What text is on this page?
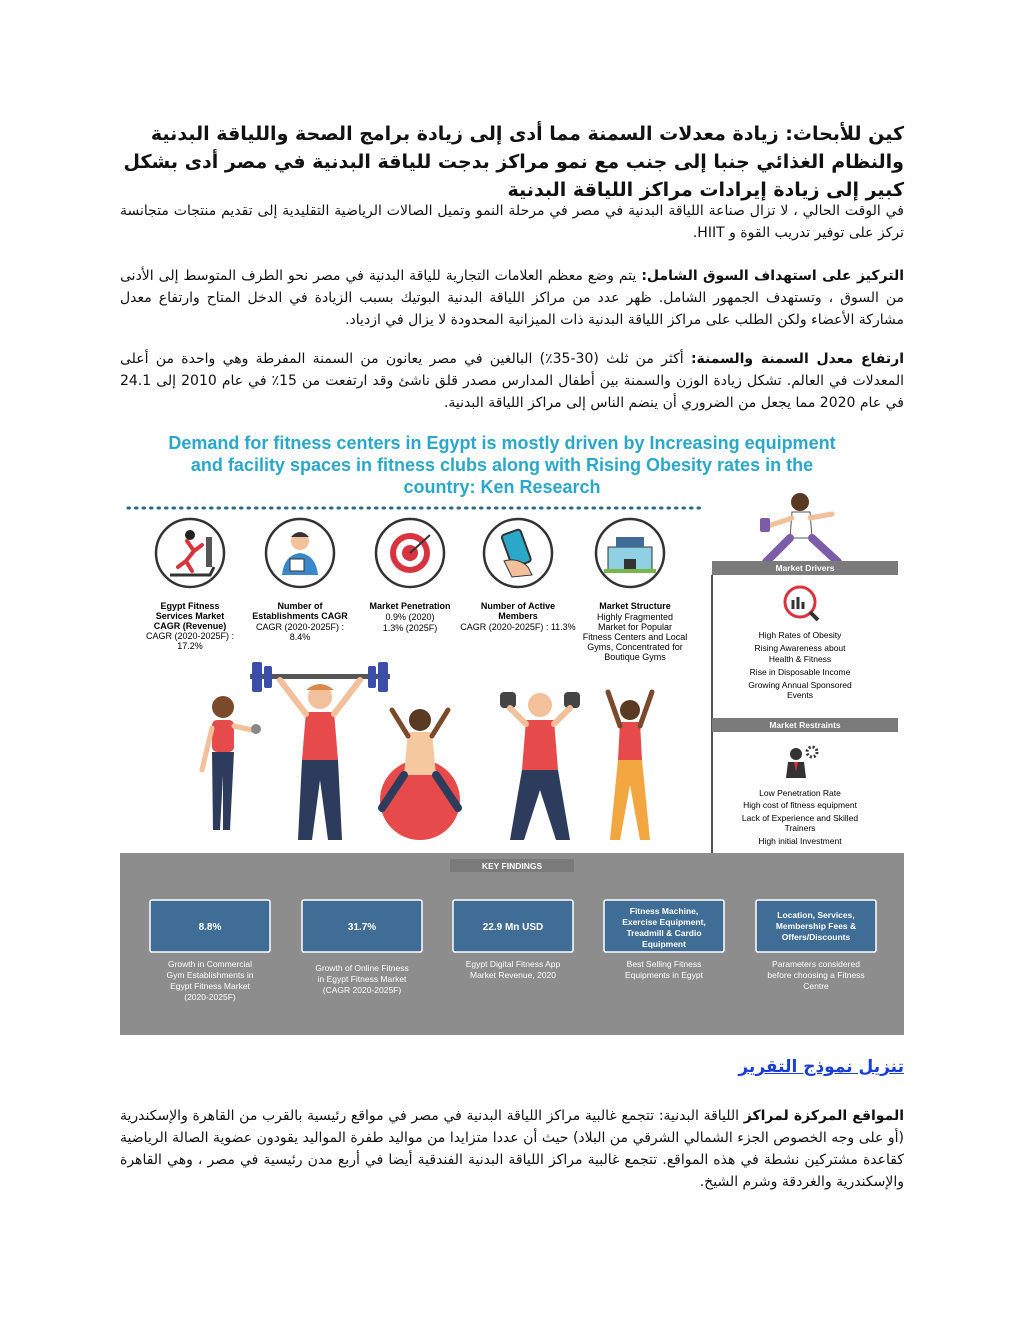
كين للأبحاث: زيادة معدلات السمنة مما أدى إلى زيادة برامج الصحة واللياقة البدنية والنظام الغذائي جنبا إلى جنب مع نمو مراكز بدجت للياقة البدنية في مصر أدى بشكل كبير إلى زيادة إيرادات مراكز اللياقة البدنية
في الوقت الحالي ، لا تزال صناعة اللياقة البدنية في مصر في مرحلة النمو وتميل الصالات الرياضية التقليدية إلى تقديم منتجات متجانسة تركز على توفير تدريب القوة و HIIT.
التركيز على استهداف السوق الشامل: يتم وضع معظم العلامات التجارية للياقة البدنية في مصر نحو الطرف المتوسط إلى الأدنى من السوق ، وتستهدف الجمهور الشامل. ظهر عدد من مراكز اللياقة البدنية البوتيك بسبب الزيادة في الدخل المتاح وارتفاع معدل مشاركة الأعضاء ولكن الطلب على مراكز اللياقة البدنية ذات الميزانية المحدودة لا يزال في ازدياد.
ارتفاع معدل السمنة والسمنة: أكثر من ثلث (30-35٪) البالغين في مصر يعانون من السمنة المفرطة وهي واحدة من أعلى المعدلات في العالم. تشكل زيادة الوزن والسمنة بين أطفال المدارس مصدر قلق ناشئ وقد ارتفعت من 15٪ في عام 2010 إلى 24.1 في عام 2020 مما يجعل من الضروري أن ينضم الناس إلى مراكز اللياقة البدنية.
Demand for fitness centers in Egypt is mostly driven by Increasing equipment
and facility spaces in fitness clubs along with Rising Obesity rates in the
country: Ken Research
Egypt Fitness
Services Market
CAGR (Revenue)
CAGR (2020-2025F) :
17.2%
Number of
Establishments CAGR
CAGR (2020-2025F) :
8.4%
Market Penetration
0.9% (2020)
1.3% (2025F)
Number of Active
Members
CAGR (2020-2025F) : 11.3%
Market Structure
Highly Fragmented
Market for Popular
Fitness Centers and Local
Gyms, Concentrated for
Boutique Gyms
Market Drivers
High Rates of Obesity
Rising Awareness about
Health & Fitness
Rise in Disposable Income
Growing Annual Sponsored
Events
Market Restraints
Low Penetration Rate
High cost of fitness equipment
Lack of Experience and Skilled
Trainers
High initial Investment
KEY FINDINGS
8.8%
Growth in Commercial
Gym Establishments in
Egypt Fitness Market
(2020-2025F)
31.7%
Growth of Online Fitness
in Egypt Fitness Market
(CAGR 2020-2025F)
22.9 Mn USD
Egypt Digital Fitness App
Market Revenue, 2020
Fitness Machine,
Exercise Equipment,
Treadmill & Cardio
Equipment
Best Selling Fitness
Equipments in Egypt
Location, Services,
Membership Fees &
Offers/Discounts
Parameters considered
before choosing a Fitness
Centre
تنزيل نموذج التقرير
المواقع المركزة لمراكز اللياقة البدنية: تتجمع غالبية مراكز اللياقة البدنية في مصر في مواقع رئيسية بالقرب من القاهرة والإسكندرية (أو على وجه الخصوص الجزء الشمالي الشرقي من البلاد) حيث أن عددا متزايدا من مواليد طفرة المواليد يقودون عضوية الصالة الرياضية كقاعدة مشتركين نشطة في هذه المواقع. تتجمع غالبية مراكز اللياقة البدنية الفندقية أيضا في أربع مدن رئيسية في مصر ، وهي القاهرة والإسكندرية والغردقة وشرم الشيخ.
